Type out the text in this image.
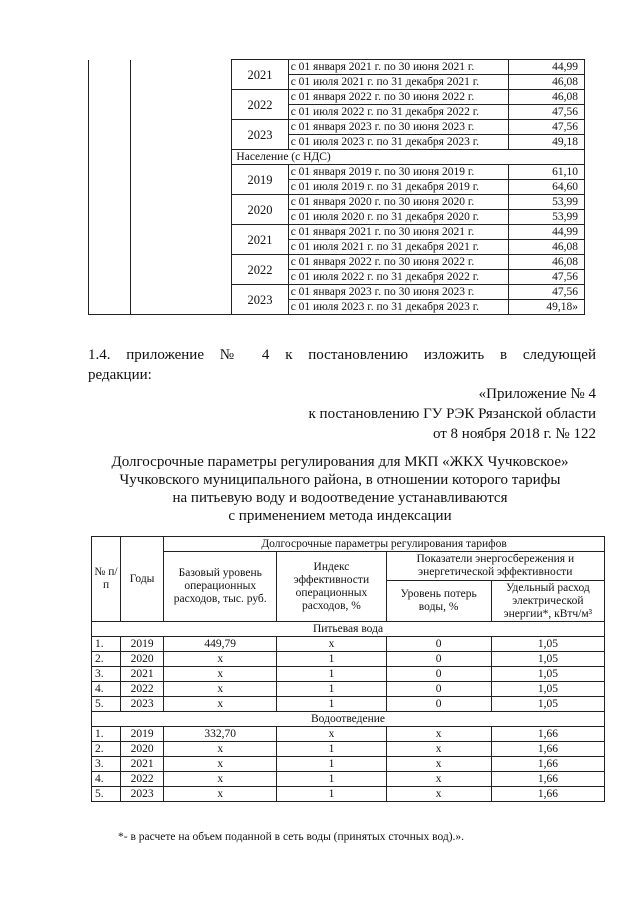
		2021	с 01 января 2021 г. по 30 июня 2021 г.	44,99
			с 01 июля 2021 г. по 31 декабря 2021 г.	46,08
		2022	с 01 января 2022 г. по 30 июня 2022 г.	46,08
			с 01 июля 2022 г. по 31 декабря 2022 г.	47,56
		2023	с 01 января 2023 г. по 30 июня 2023 г.	47,56
			с 01 июля 2023 г. по 31 декабря 2023 г.	49,18
		Население (с НДС)		
		2019	с 01 января 2019 г. по 30 июня 2019 г.	61,10
			с 01 июля 2019 г. по 31 декабря 2019 г.	64,60
		2020	с 01 января 2020 г. по 30 июня 2020 г.	53,99
			с 01 июля 2020 г. по 31 декабря 2020 г.	53,99
		2021	с 01 января 2021 г. по 30 июня 2021 г.	44,99
			с 01 июля 2021 г. по 31 декабря 2021 г.	46,08
		2022	с 01 января 2022 г. по 30 июня 2022 г.	46,08
			с 01 июля 2022 г. по 31 декабря 2022 г.	47,56
		2023	с 01 января 2023 г. по 30 июня 2023 г.	47,56
			с 01 июля 2023 г. по 31 декабря 2023 г.	49,18»
1.4. приложение № 4 к постановлению изложить в следующей
редакции:
«Приложение № 4
к постановлению ГУ РЭК Рязанской области
от 8 ноября 2018 г. № 122
Долгосрочные параметры регулирования для МКП «ЖКХ Чучковское»
Чучковского муниципального района, в отношении которого тарифы
на питьевую воду и водоотведение устанавливаются
с применением метода индексации
№ п/п	Годы	Долгосрочные параметры регулирования тарифов			
		Базовый уровень операционных расходов, тыс. руб.	Индекс эффективности операционных расходов, %	Показатели энергосбережения и энергетической эффективности	
				Уровень потерь воды, %	Удельный расход электрической энергии*, кВтч/м³
Питьевая вода					
1.	2019	449,79	х	0	1,05
2.	2020	х	1	0	1,05
3.	2021	х	1	0	1,05
4.	2022	х	1	0	1,05
5.	2023	х	1	0	1,05
Водоотведение					
1.	2019	332,70	х	х	1,66
2.	2020	х	1	х	1,66
3.	2021	х	1	х	1,66
4.	2022	х	1	х	1,66
5.	2023	х	1	х	1,66
*- в расчете на объем поданной в сеть воды (принятых сточных вод).».
